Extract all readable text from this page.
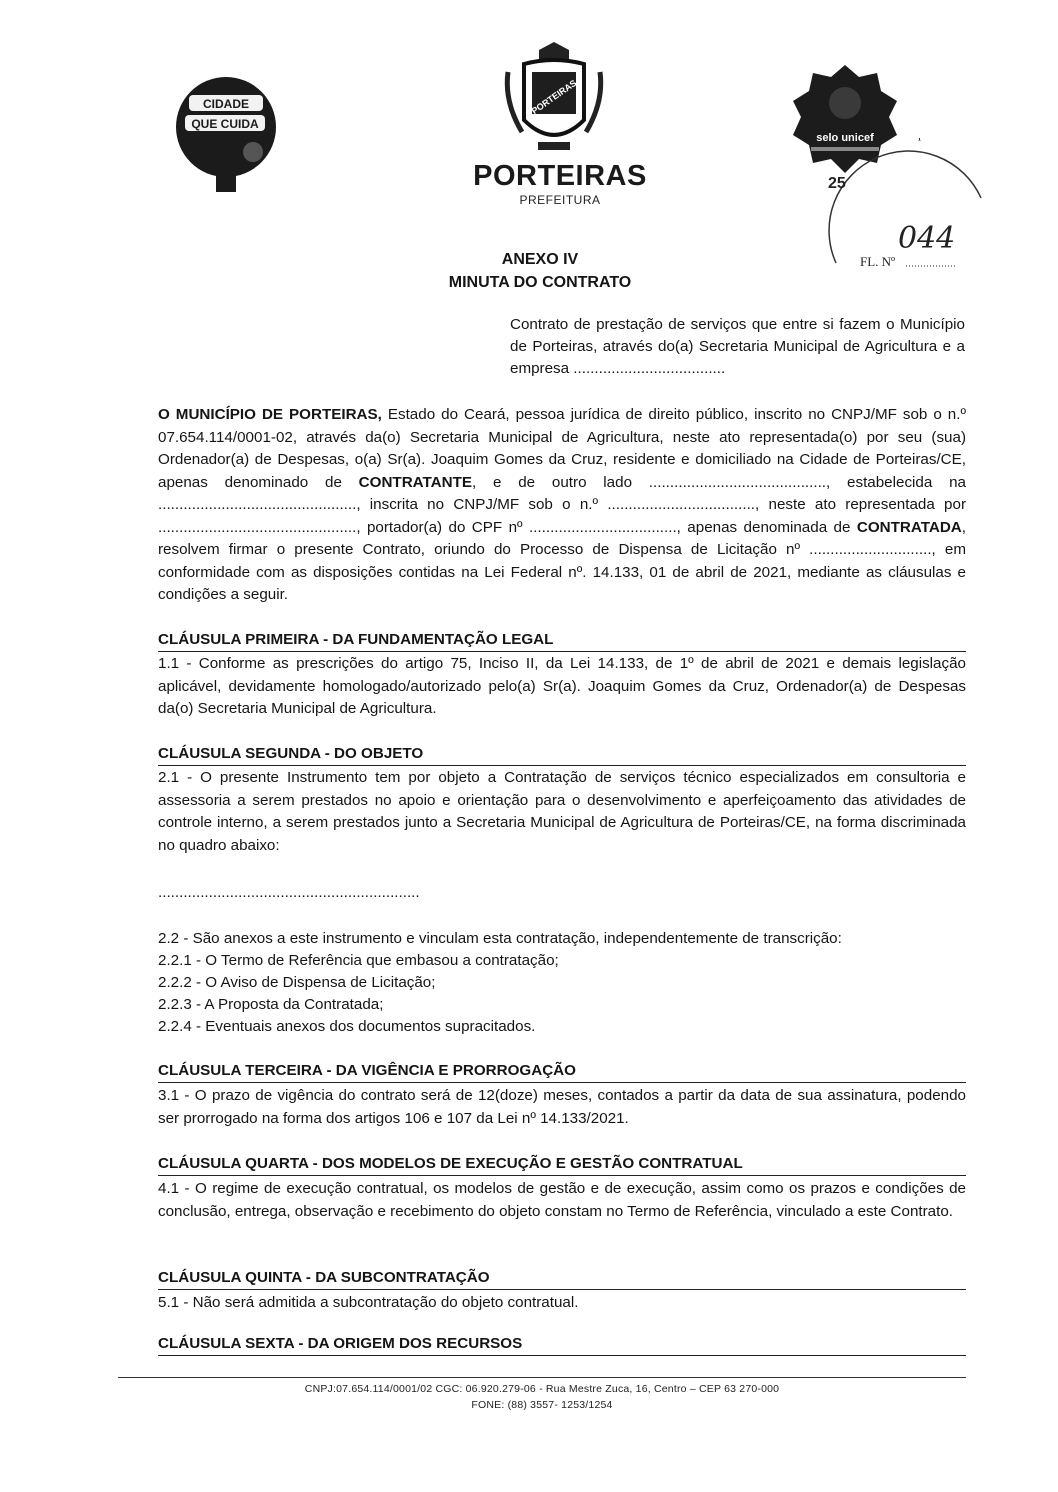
CIDADE
QUE CUIDA
PORTEIRAS
PORTEIRAS
PREFEITURA
selo unicef
25
FL. Nº
044
ANEXO IV
MINUTA DO CONTRATO
Contrato de prestação de serviços que entre si fazem o Município de Porteiras, através do(a) Secretaria Municipal de Agricultura e a empresa ....................................
O MUNICÍPIO DE PORTEIRAS, Estado do Ceará, pessoa jurídica de direito público, inscrito no CNPJ/MF sob o n.º 07.654.114/0001-02, através da(o) Secretaria Municipal de Agricultura, neste ato representada(o) por seu (sua) Ordenador(a) de Despesas, o(a) Sr(a). Joaquim Gomes da Cruz, residente e domiciliado na Cidade de Porteiras/CE, apenas denominado de CONTRATANTE, e de outro lado .........................................., estabelecida na ..............................................., inscrita no CNPJ/MF sob o n.º ..................................., neste ato representada por ..............................................., portador(a) do CPF nº ..................................., apenas denominada de CONTRATADA, resolvem firmar o presente Contrato, oriundo do Processo de Dispensa de Licitação nº ............................., em conformidade com as disposições contidas na Lei Federal nº. 14.133, 01 de abril de 2021, mediante as cláusulas e condições a seguir.
CLÁUSULA PRIMEIRA - DA FUNDAMENTAÇÃO LEGAL
1.1 - Conforme as prescrições do artigo 75, Inciso II, da Lei 14.133, de 1º de abril de 2021 e demais legislação aplicável, devidamente homologado/autorizado pelo(a) Sr(a). Joaquim Gomes da Cruz, Ordenador(a) de Despesas da(o) Secretaria Municipal de Agricultura.
CLÁUSULA SEGUNDA - DO OBJETO
2.1 - O presente Instrumento tem por objeto a Contratação de serviços técnico especializados em consultoria e assessoria a serem prestados no apoio e orientação para o desenvolvimento e aperfeiçoamento das atividades de controle interno, a serem prestados junto a Secretaria Municipal de Agricultura de Porteiras/CE, na forma discriminada no quadro abaixo:
..............................................................
2.2 - São anexos a este instrumento e vinculam esta contratação, independentemente de transcrição:
2.2.1 - O Termo de Referência que embasou a contratação;
2.2.2 - O Aviso de Dispensa de Licitação;
2.2.3 - A Proposta da Contratada;
2.2.4 - Eventuais anexos dos documentos supracitados.
CLÁUSULA TERCEIRA - DA VIGÊNCIA E PRORROGAÇÃO
3.1 - O prazo de vigência do contrato será de 12(doze) meses, contados a partir da data de sua assinatura, podendo ser prorrogado na forma dos artigos 106 e 107 da Lei nº 14.133/2021.
CLÁUSULA QUARTA - DOS MODELOS DE EXECUÇÃO E GESTÃO CONTRATUAL
4.1 - O regime de execução contratual, os modelos de gestão e de execução, assim como os prazos e condições de conclusão, entrega, observação e recebimento do objeto constam no Termo de Referência, vinculado a este Contrato.
CLÁUSULA QUINTA - DA SUBCONTRATAÇÃO
5.1 - Não será admitida a subcontratação do objeto contratual.
CLÁUSULA SEXTA - DA ORIGEM DOS RECURSOS
CNPJ:07.654.114/0001/02 CGC: 06.920.279-06 - Rua Mestre Zuca, 16, Centro – CEP 63 270-000
FONE: (88) 3557- 1253/1254
